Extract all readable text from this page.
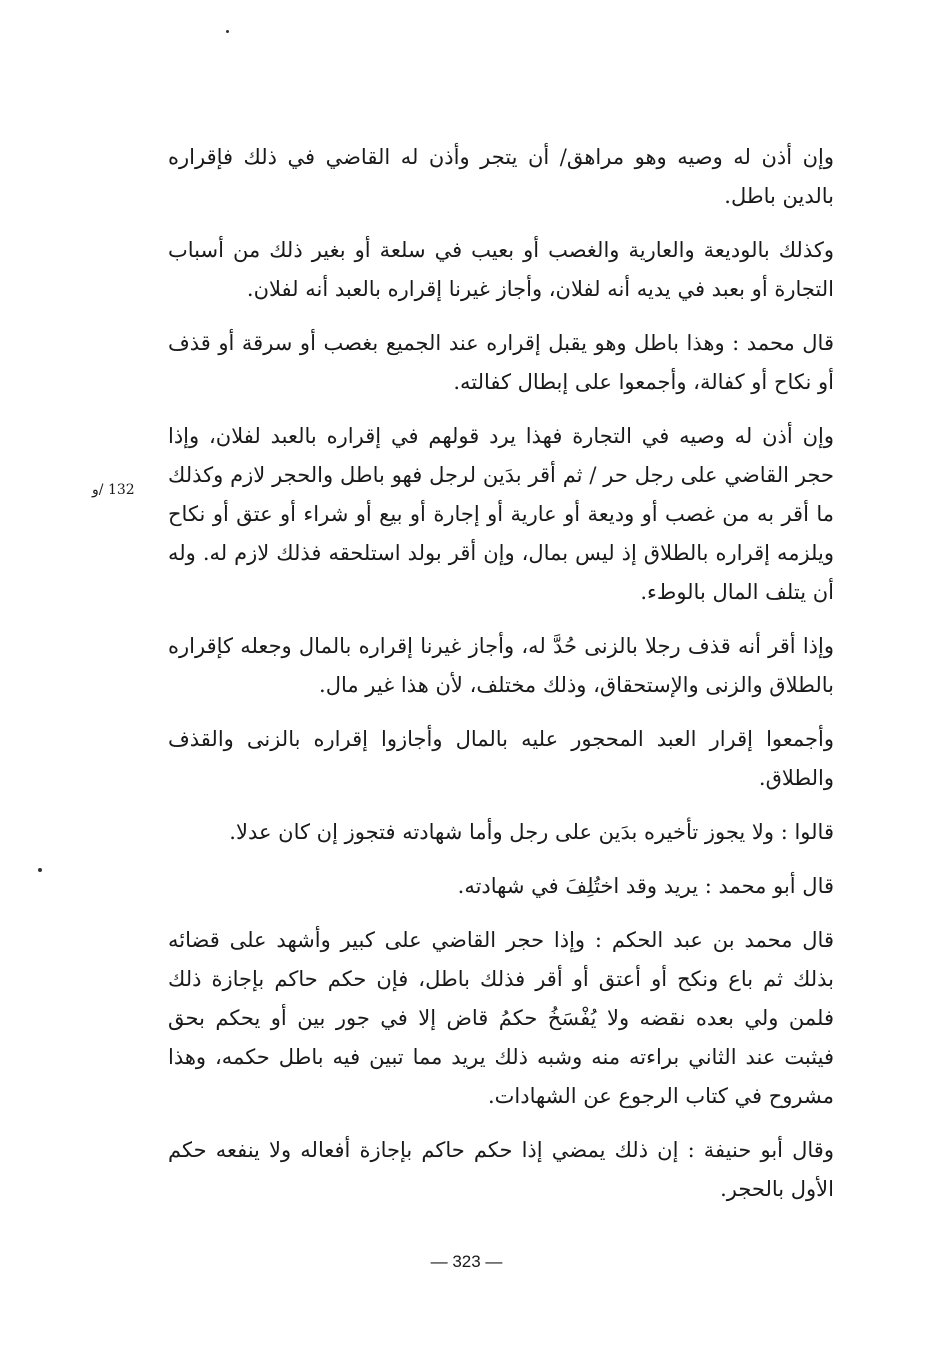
وإن أذن له وصيه وهو مراهق/ أن يتجر وأذن له القاضي في ذلك فإقراره بالدين باطل.

وكذلك بالوديعة والعارية والغصب أو بعيب في سلعة أو بغير ذلك من أسباب التجارة أو بعبد في يديه أنه لفلان، وأجاز غيرنا إقراره بالعبد أنه لفلان.

قال محمد : وهذا باطل وهو يقبل إقراره عند الجميع بغصب أو سرقة أو قذف أو نكاح أو كفالة، وأجمعوا على إبطال كفالته.

وإن أذن له وصيه في التجارة فهذا يرد قولهم في إقراره بالعبد لفلان، وإذا حجر القاضي على رجل حر / ثم أقر بدَين لرجل فهو باطل والحجر لازم وكذلك ما أقر به من غصب أو وديعة أو عارية أو إجارة أو بيع أو شراء أو عتق أو نكاح ويلزمه إقراره بالطلاق إذ ليس بمال، وإن أقر بولد استلحقه فذلك لازم له. وله أن يتلف المال بالوطء.

وإذا أقر أنه قذف رجلا بالزنى حُدَّ له، وأجاز غيرنا إقراره بالمال وجعله كإقراره بالطلاق والزنى والإستحقاق، وذلك مختلف، لأن هذا غير مال.

وأجمعوا إقرار العبد المحجور عليه بالمال وأجازوا إقراره بالزنى والقذف والطلاق.

قالوا : ولا يجوز تأخيره بدَين على رجل وأما شهادته فتجوز إن كان عدلا.

قال أبو محمد : يريد وقد اختُلِفَ في شهادته.

قال محمد بن عبد الحكم : وإذا حجر القاضي على كبير وأشهد على قضائه بذلك ثم باع ونكح أو أعتق أو أقر فذلك باطل، فإن حكم حاكم بإجازة ذلك فلمن ولي بعده نقضه ولا يُفْسَخُ حكمُ قاض إلا في جور بين أو يحكم بحق فيثبت عند الثاني براءته منه وشبه ذلك يريد مما تبين فيه باطل حكمه، وهذا مشروح في كتاب الرجوع عن الشهادات.

وقال أبو حنيفة : إن ذلك يمضي إذا حكم حاكم بإجازة أفعاله ولا ينفعه حكم الأول بالحجر.

132 /و
— 323 —
